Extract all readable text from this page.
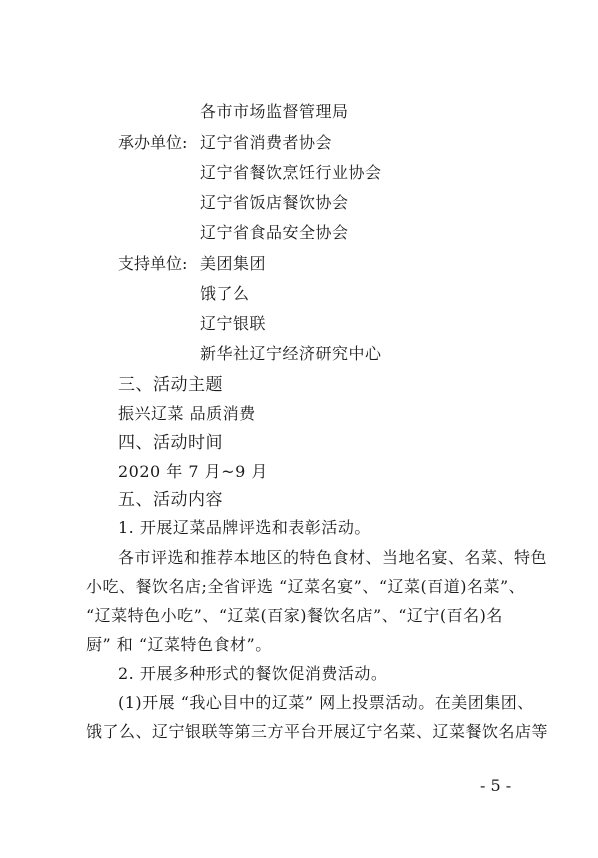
各市市场监督管理局
承办单位: 辽宁省消费者协会
辽宁省餐饮烹饪行业协会
辽宁省饭店餐饮协会
辽宁省食品安全协会
支持单位: 美团集团
饿了么
辽宁银联
新华社辽宁经济研究中心
三、活动主题
振兴辽菜 品质消费
四、活动时间
2020 年 7 月~9 月
五、活动内容
1. 开展辽菜品牌评选和表彰活动。
各市评选和推荐本地区的特色食材、当地名宴、名菜、特色
小吃、餐饮名店;全省评选 “辽菜名宴”、“辽菜(百道)名菜”、
“辽菜特色小吃”、“辽菜(百家)餐饮名店”、“辽宁(百名)名
厨” 和 “辽菜特色食材”。
2. 开展多种形式的餐饮促消费活动。
(1)开展 “我心目中的辽菜” 网上投票活动。在美团集团、
饿了么、辽宁银联等第三方平台开展辽宁名菜、辽菜餐饮名店等
- 5 -
